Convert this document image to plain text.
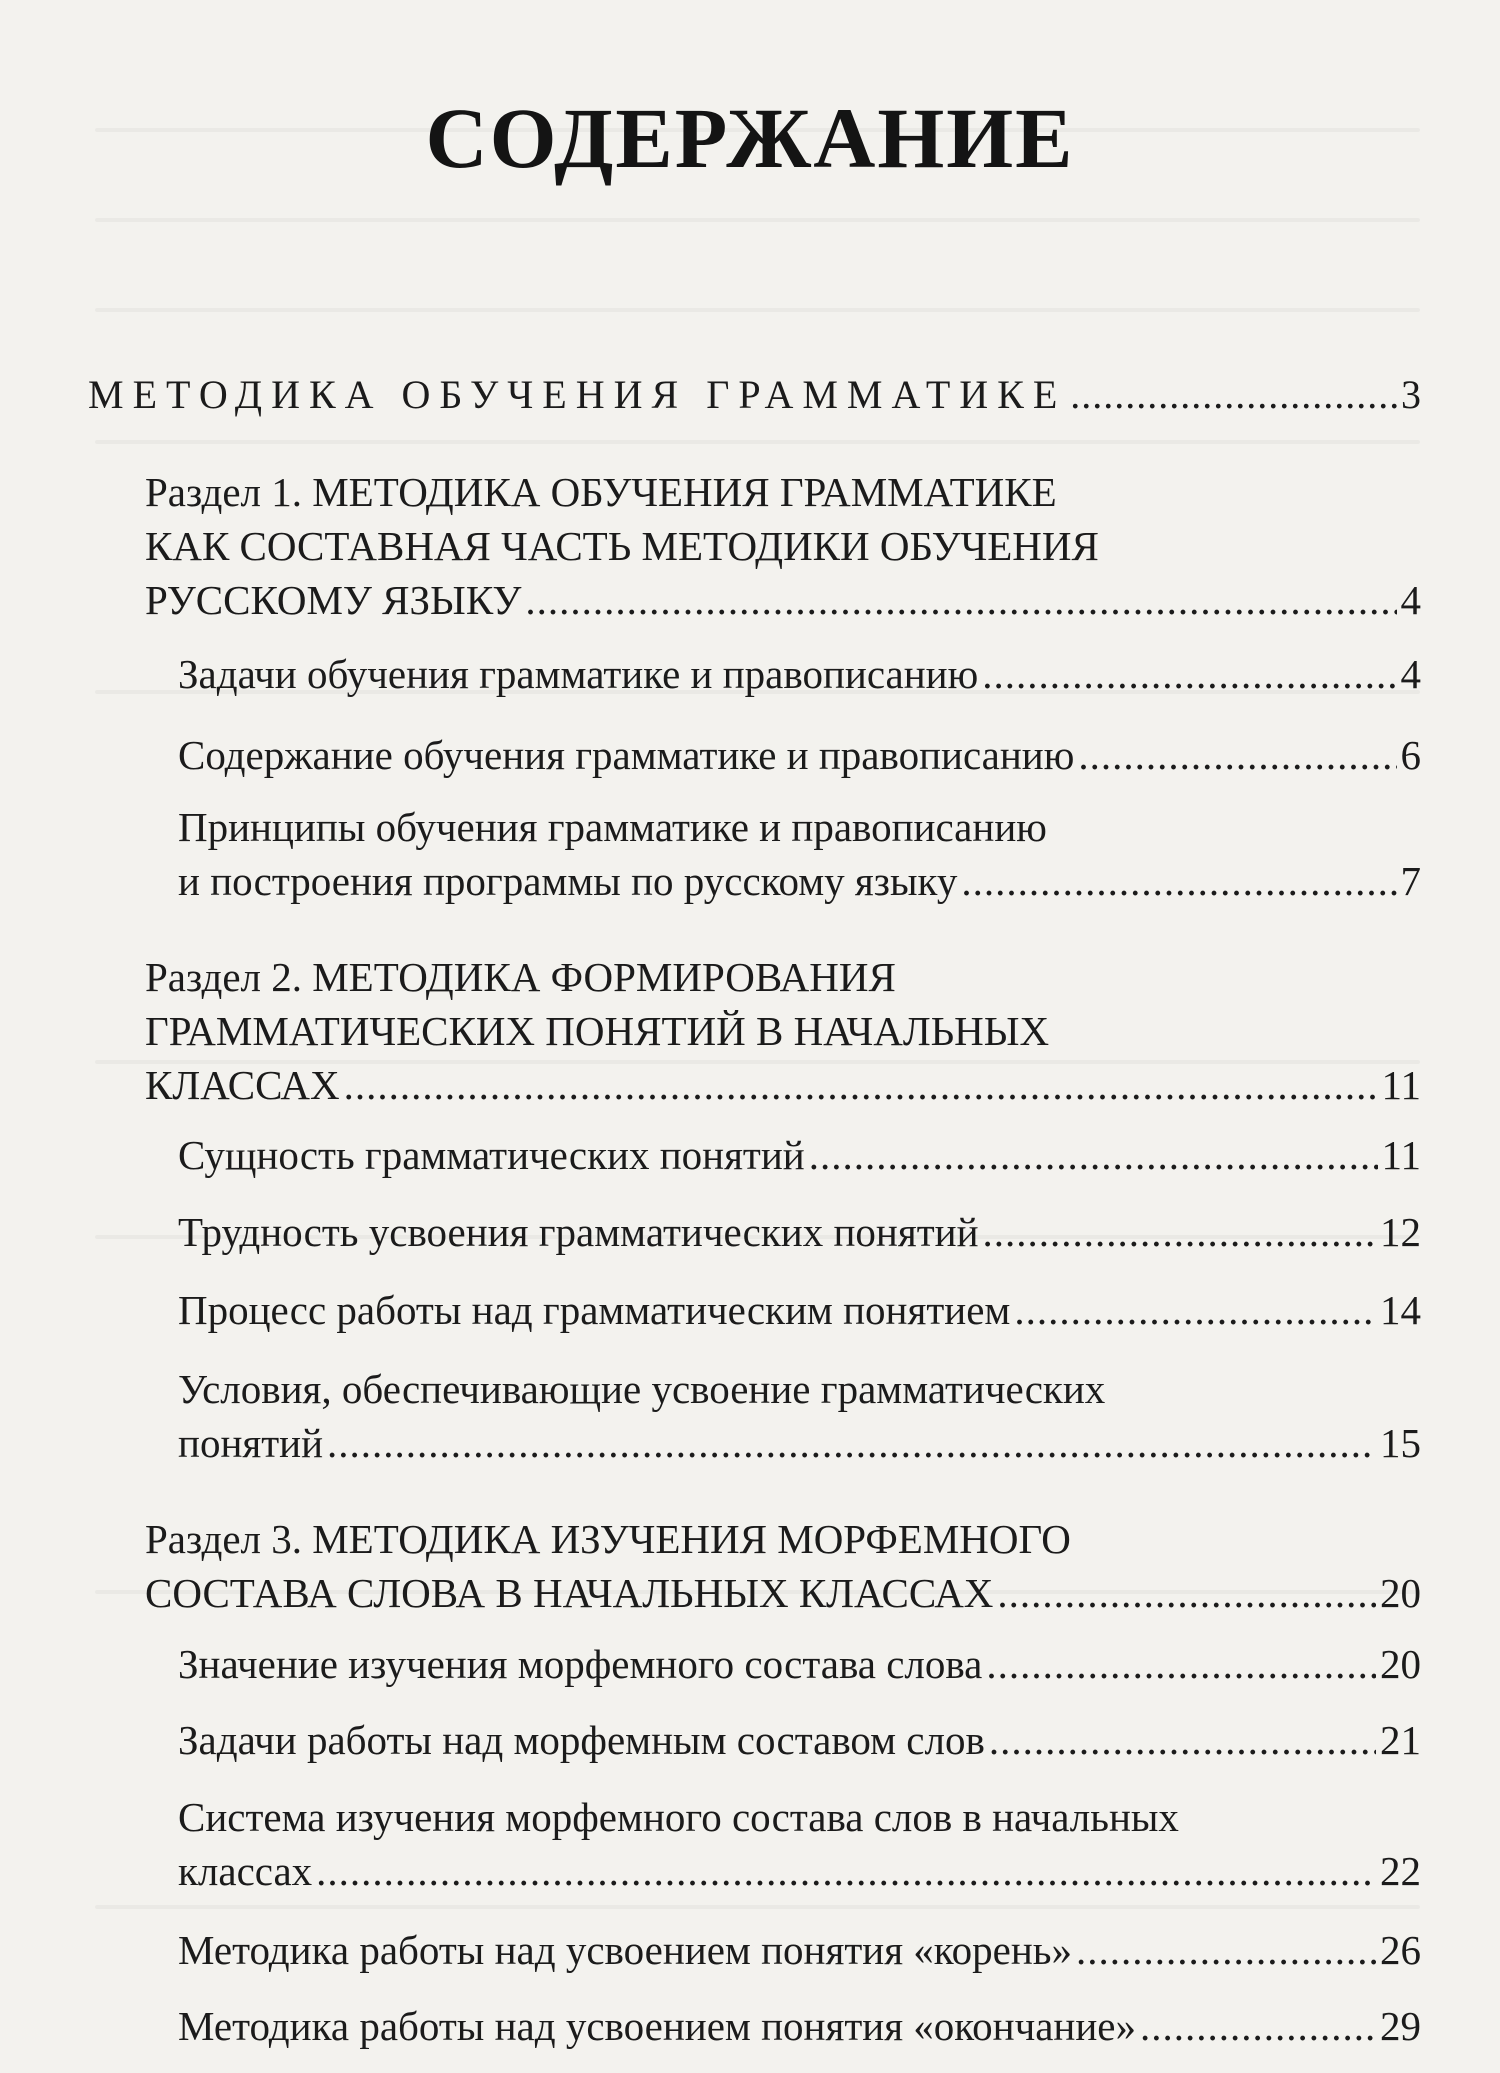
СОДЕРЖАНИЕ
МЕТОДИКА ОБУЧЕНИЯ ГРАММАТИКЕ .....	3
Раздел 1. МЕТОДИКА ОБУЧЕНИЯ ГРАММАТИКЕ
КАК СОСТАВНАЯ ЧАСТЬ МЕТОДИКИ ОБУЧЕНИЯ
РУССКОМУ ЯЗЫКУ .....	4
Задачи обучения грамматике и правописанию .....	4
Содержание обучения грамматике и правописанию .....	6
Принципы обучения грамматике и правописанию
и построения программы по русскому языку .....	7
Раздел 2. МЕТОДИКА ФОРМИРОВАНИЯ
ГРАММАТИЧЕСКИХ ПОНЯТИЙ В НАЧАЛЬНЫХ
КЛАССАХ .....	11
Сущность грамматических понятий .....	11
Трудность усвоения грамматических понятий .....	12
Процесс работы над грамматическим понятием .....	14
Условия, обеспечивающие усвоение грамматических
понятий .....	15
Раздел 3. МЕТОДИКА ИЗУЧЕНИЯ МОРФЕМНОГО
СОСТАВА СЛОВА В НАЧАЛЬНЫХ КЛАССАХ .....	20
Значение изучения морфемного состава слова .....	20
Задачи работы над морфемным составом слов .....	21
Система изучения морфемного состава слов в начальных
классах .....	22
Методика работы над усвоением понятия «корень» .....	26
Методика работы над усвоением понятия «окончание» .....	29
